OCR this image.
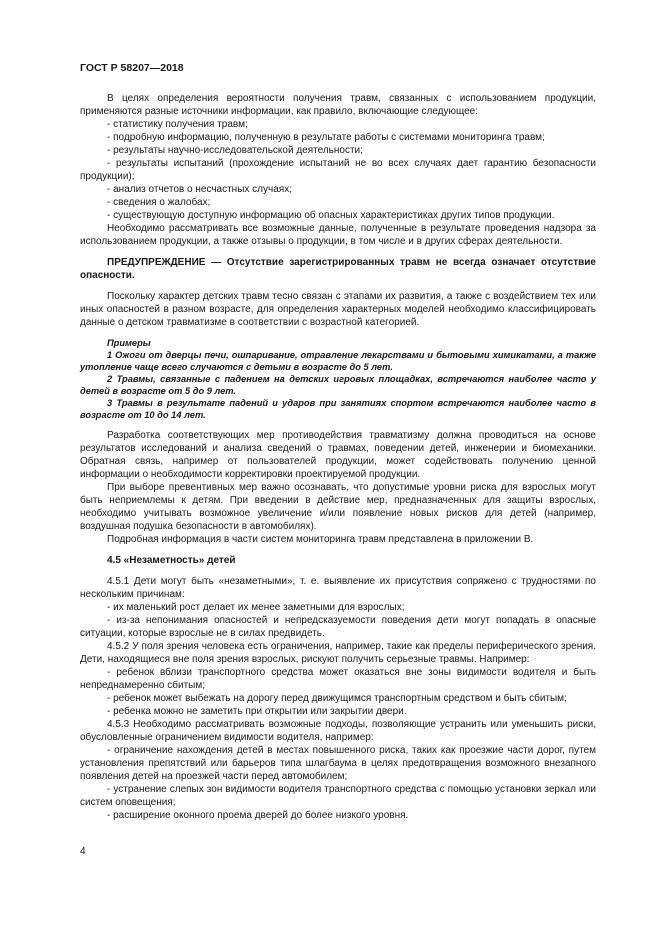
ГОСТ Р 58207—2018

В целях определения вероятности получения травм, связанных с использованием продукции, применяются разные источники информации, как правило, включающие следующее:

- статистику получения травм;

- подробную информацию, полученную в результате работы с системами мониторинга травм;

- результаты научно-исследовательской деятельности;

- результаты испытаний (прохождение испытаний не во всех случаях дает гарантию безопасности продукции);

- анализ отчетов о несчастных случаях;

- сведения о жалобах;

- существующую доступную информацию об опасных характеристиках других типов продукции.

Необходимо рассматривать все возможные данные, полученные в результате проведения надзора за использованием продукции, а также отзывы о продукции, в том числе и в других сферах деятельности.

ПРЕДУПРЕЖДЕНИЕ — Отсутствие зарегистрированных травм не всегда означает отсутствие опасности.

Поскольку характер детских травм тесно связан с этапами их развития, а также с воздействием тех или иных опасностей в разном возрасте, для определения характерных моделей необходимо классифицировать данные о детском травматизме в соответствии с возрастной категорией.

Примеры

1 Ожоги от дверцы печи, ошпаривание, отравление лекарствами и бытовыми химикатами, а также утопление чаще всего случаются с детьми в возрасте до 5 лет.

2 Травмы, связанные с падением на детских игровых площадках, встречаются наиболее часто у детей в возрасте от 5 до 9 лет.

3 Травмы в результате падений и ударов при занятиях спортом встречаются наиболее часто в возрасте от 10 до 14 лет.

Разработка соответствующих мер противодействия травматизму должна проводиться на основе результатов исследований и анализа сведений о травмах, поведении детей, инженерии и биомеханики. Обратная связь, например от пользователей продукции, может содействовать получению ценной информации о необходимости корректировки проектируемой продукции.

При выборе превентивных мер важно осознавать, что допустимые уровни риска для взрослых могут быть неприемлемы к детям. При введении в действие мер, предназначенных для защиты взрослых, необходимо учитывать возможное увеличение и/или появление новых рисков для детей (например, воздушная подушка безопасности в автомобилях).

Подробная информация в части систем мониторинга травм представлена в приложении В.

4.5 «Незаметность» детей

4.5.1 Дети могут быть «незаметными», т. е. выявление их присутствия сопряжено с трудностями по нескольким причинам:

- их маленький рост делает их менее заметными для взрослых;

- из-за непонимания опасностей и непредсказуемости поведения дети могут попадать в опасные ситуации, которые взрослые не в силах предвидеть.

4.5.2 У поля зрения человека есть ограничения, например, такие как пределы периферического зрения. Дети, находящиеся вне поля зрения взрослых, рискуют получить серьезные травмы. Например:

- ребенок вблизи транспортного средства может оказаться вне зоны видимости водителя и быть непреднамеренно сбитым;

- ребенок может выбежать на дорогу перед движущимся транспортным средством и быть сбитым;

- ребенка можно не заметить при открытии или закрытии двери.

4.5.3 Необходимо рассматривать возможные подходы, позволяющие устранить или уменьшить риски, обусловленные ограничением видимости водителя, например:

- ограничение нахождения детей в местах повышенного риска, таких как проезжие части дорог, путем установления препятствий или барьеров типа шлагбаума в целях предотвращения возможного внезапного появления детей на проезжей части перед автомобилем;

- устранение слепых зон видимости водителя транспортного средства с помощью установки зеркал или систем оповещения;

- расширение оконного проема дверей до более низкого уровня.

4
